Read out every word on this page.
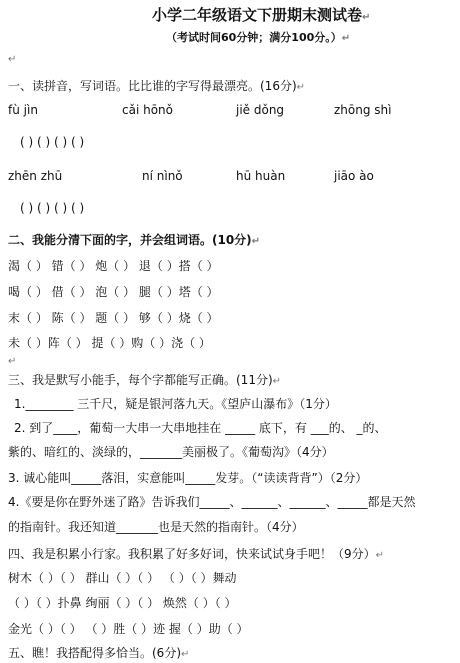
小学二年级语文下册期末测试卷↵
（考试时间60分钟；满分100分。）↵
↵
一、读拼音，写词语。比比谁的字写得最漂亮。(16分)↵
fù jìn	cǎi hōnǒ	jiě dǒng	zhōng shì
( ) ( ) ( ) ( )
zhēn zhū	ní nìnǒ	hū huàn	jiāo ào
( ) ( ) ( ) ( )
二、我能分清下面的字，并会组词语。(10分)↵
渴（ ） 错（ ） 炮（ ） 退（ ）搭（ ）
喝（ ） 借（ ） 泡（ ） 腿（ ）塔（ ）
末（ ） 陈（ ） 题（ ） 够（ ）烧（ ）
未（ ）阵（ ） 提（ ）购（ ）浇（ ）
↵
三、我是默写小能手，每个字都能写正确。(11分)↵
1.________ 三千尺，疑是银河落九天。《望庐山瀑布》（1分）
2. 到了____，葡萄一大串一大串地挂在 _____ 底下，有 ___的、 _的、
紫的、暗红的、淡绿的，_______美丽极了。《葡萄沟》（4分）
3. 诚心能叫_____落泪，实意能叫_____发芽。（“读读背背”）（2分）
4.《要是你在野外迷了路》告诉我们_____、______、______、_____都是天然
的指南针。我还知道_______也是天然的指南针。（4分）
四、我是积累小行家。我积累了好多好词，快来试试身手吧！（9分）↵
树木（ ）（ ） 群山（ ）（ ） （ ）（ ）舞动
（ ）（ ）扑鼻 绚丽（ ）（ ） 焕然（ ）（ ）
金光（ ）（ ） （ ）胜（ ）迹 握（ ）助（ ）
五、瞧！我搭配得多恰当。(6分)↵
